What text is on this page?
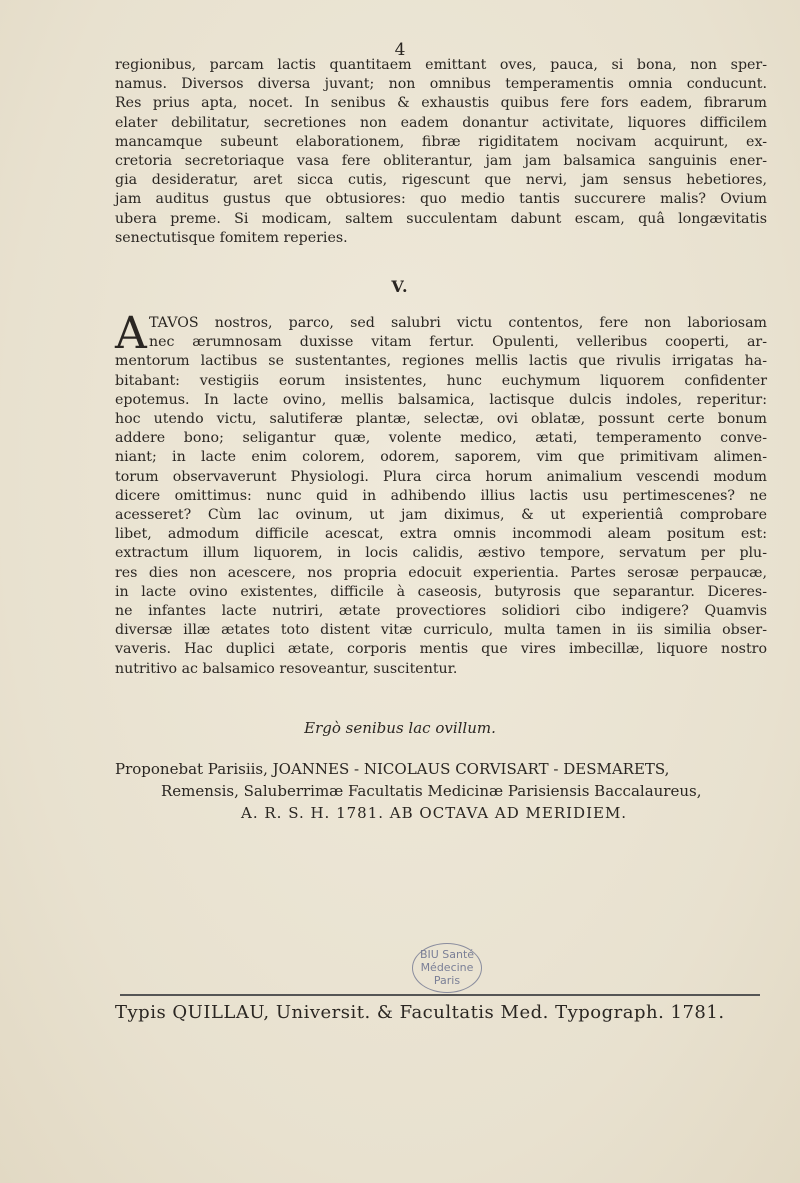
4
regionibus, parcam lactis quantitaem emittant oves, pauca, si bona, non sper-
namus. Diversos diversa juvant; non omnibus temperamentis omnia conducunt.
Res prius apta, nocet. In senibus & exhaustis quibus fere fors eadem, fibrarum
elater debilitatur, secretiones non eadem donantur activitate, liquores difficilem
mancamque subeunt elaborationem, fibræ rigiditatem nocivam acquirunt, ex-
cretoria secretoriaque vasa fere obliterantur, jam jam balsamica sanguinis ener-
gia desideratur, aret sicca cutis, rigescunt que nervi, jam sensus hebetiores,
jam auditus gustus que obtusiores: quo medio tantis succurere malis? Ovium
ubera preme. Si modicam, saltem succulentam dabunt escam, quâ longævitatis
senectutisque fomitem reperies.
V.
A TAVOS nostros, parco, sed salubri victu contentos, fere non laboriosam
nec ærumnosam duxisse vitam fertur. Opulenti, velleribus cooperti, ar-
mentorum lactibus se sustentantes, regiones mellis lactis que rivulis irrigatas ha-
bitabant: vestigiis eorum insistentes, hunc euchymum liquorem confidenter
epotemus. In lacte ovino, mellis balsamica, lactisque dulcis indoles, reperitur:
hoc utendo victu, salutiferæ plantæ, selectæ, ovi oblatæ, possunt certe bonum
addere bono; seligantur quæ, volente medico, ætati, temperamento conve-
niant; in lacte enim colorem, odorem, saporem, vim que primitivam alimen-
torum observaverunt Physiologi. Plura circa horum animalium vescendi modum
dicere omittimus: nunc quid in adhibendo illius lactis usu pertimescenes? ne
acesseret? Cùm lac ovinum, ut jam diximus, & ut experientiâ comprobare
libet, admodum difficile acescat, extra omnis incommodi aleam positum est:
extractum illum liquorem, in locis calidis, æstivo tempore, servatum per plu-
res dies non acescere, nos propria edocuit experientia. Partes serosæ perpaucæ,
in lacte ovino existentes, difficile à caseosis, butyrosis que separantur. Diceres-
ne infantes lacte nutriri, ætate provectiores solidiori cibo indigere? Quamvis
diversæ illæ ætates toto distent vitæ curriculo, multa tamen in iis similia obser-
vaveris. Hac duplici ætate, corporis mentis que vires imbecillæ, liquore nostro
nutritivo ac balsamico resoveantur, suscitentur.
Ergò senibus lac ovillum.
Proponebat Parisiis, JOANNES - NICOLAUS CORVISART - DESMARETS,
Remensis, Saluberrimæ Facultatis Medicinæ Parisiensis Baccalaureus,
A. R. S. H. 1781. AB OCTAVA AD MERIDIEM.
BIU Santé
Médecine
Paris
Typis QUILLAU, Universit. & Facultatis Med. Typograph. 1781.
